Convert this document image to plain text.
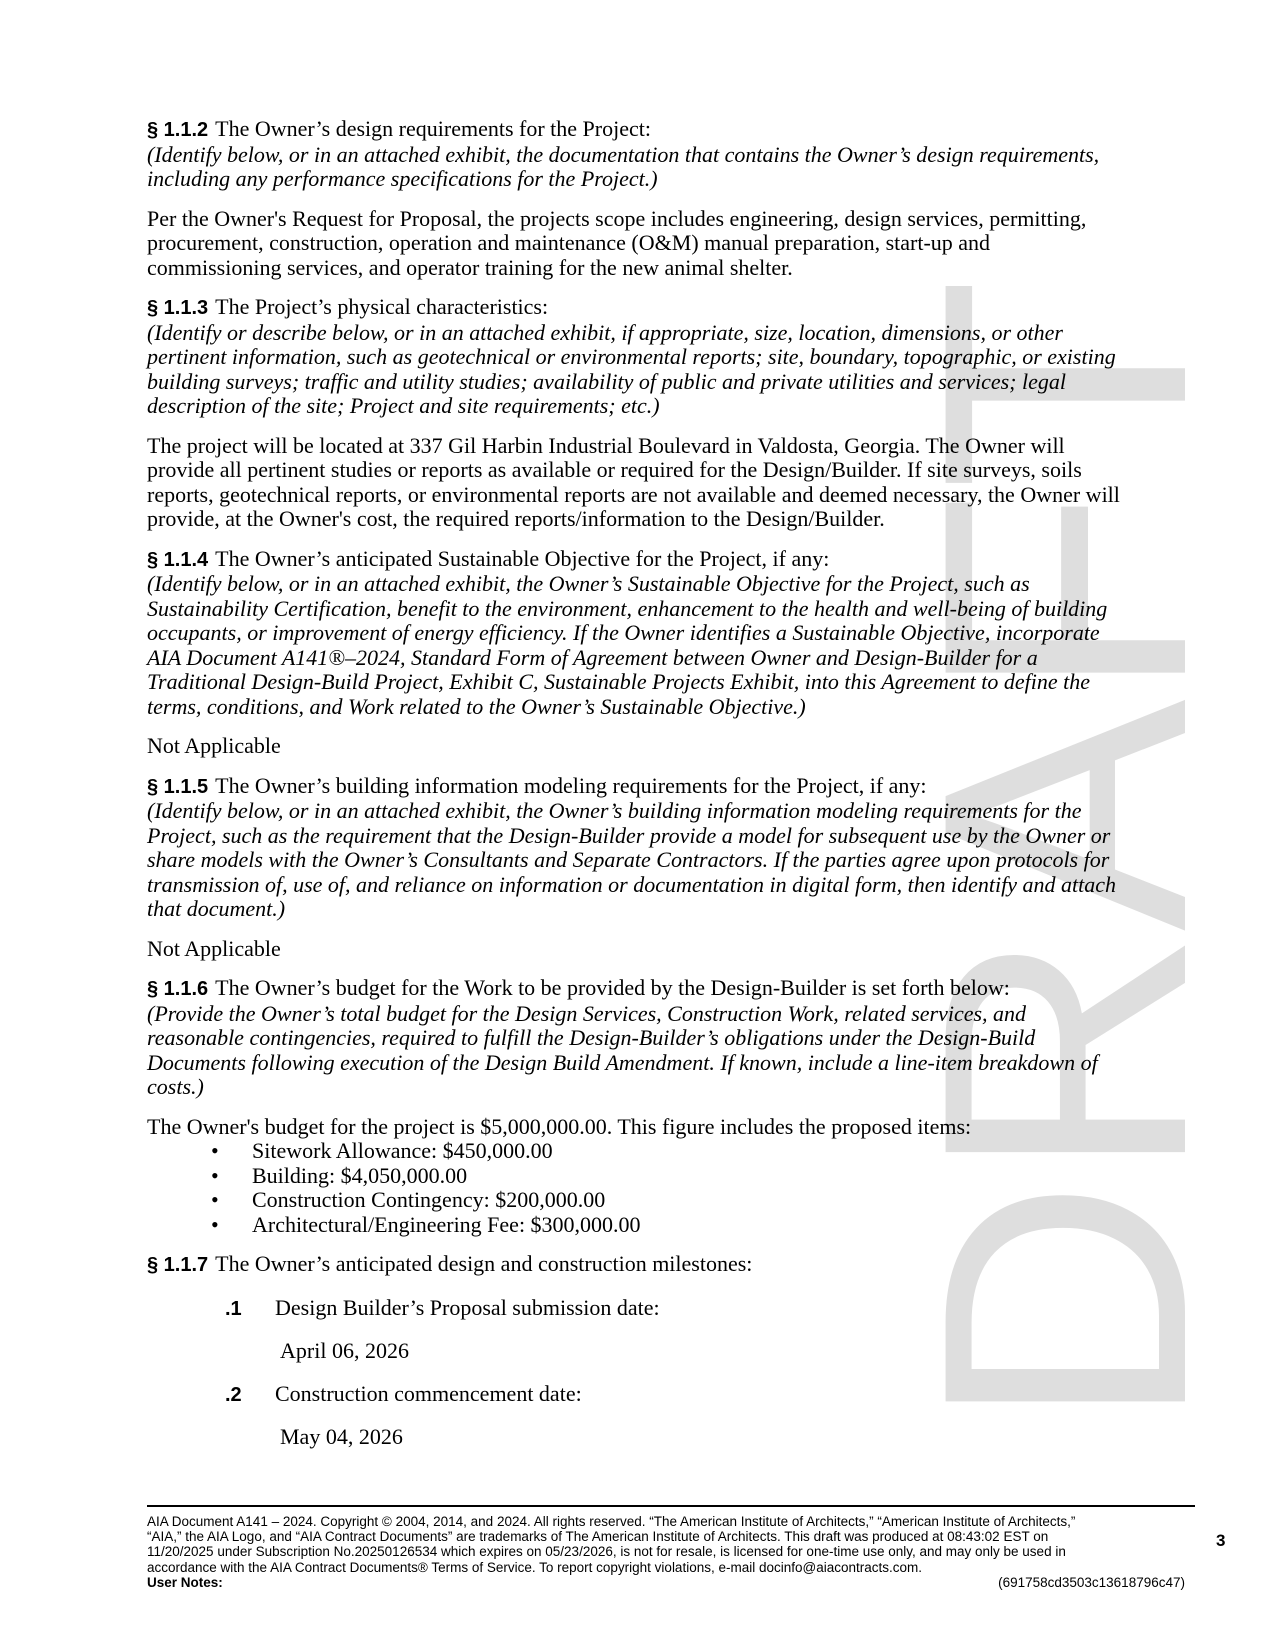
DRAFT

§ 1.1.2 The Owner’s design requirements for the Project:

(Identify below, or in an attached exhibit, the documentation that contains the Owner’s design requirements, including any performance specifications for the Project.)

Per the Owner's Request for Proposal, the projects scope includes engineering, design services, permitting, procurement, construction, operation and maintenance (O&M) manual preparation, start-up and commissioning services, and operator training for the new animal shelter.

§ 1.1.3 The Project’s physical characteristics:

(Identify or describe below, or in an attached exhibit, if appropriate, size, location, dimensions, or other pertinent information, such as geotechnical or environmental reports; site, boundary, topographic, or existing building surveys; traffic and utility studies; availability of public and private utilities and services; legal description of the site; Project and site requirements; etc.)

The project will be located at 337 Gil Harbin Industrial Boulevard in Valdosta, Georgia. The Owner will provide all pertinent studies or reports as available or required for the Design/Builder. If site surveys, soils reports, geotechnical reports, or environmental reports are not available and deemed necessary, the Owner will provide, at the Owner's cost, the required reports/information to the Design/Builder.

§ 1.1.4 The Owner’s anticipated Sustainable Objective for the Project, if any:

(Identify below, or in an attached exhibit, the Owner’s Sustainable Objective for the Project, such as Sustainability Certification, benefit to the environment, enhancement to the health and well-being of building occupants, or improvement of energy efficiency. If the Owner identifies a Sustainable Objective, incorporate AIA Document A141®–2024, Standard Form of Agreement between Owner and Design-Builder for a Traditional Design-Build Project, Exhibit C, Sustainable Projects Exhibit, into this Agreement to define the terms, conditions, and Work related to the Owner’s Sustainable Objective.)

Not Applicable

§ 1.1.5 The Owner’s building information modeling requirements for the Project, if any:

(Identify below, or in an attached exhibit, the Owner’s building information modeling requirements for the Project, such as the requirement that the Design-Builder provide a model for subsequent use by the Owner or share models with the Owner’s Consultants and Separate Contractors. If the parties agree upon protocols for transmission of, use of, and reliance on information or documentation in digital form, then identify and attach that document.)

Not Applicable

§ 1.1.6 The Owner’s budget for the Work to be provided by the Design-Builder is set forth below:

(Provide the Owner’s total budget for the Design Services, Construction Work, related services, and reasonable contingencies, required to fulfill the Design-Builder’s obligations under the Design-Build Documents following execution of the Design Build Amendment. If known, include a line-item breakdown of costs.)

The Owner's budget for the project is $5,000,000.00. This figure includes the proposed items:

• Sitework Allowance: $450,000.00
• Building: $4,050,000.00
• Construction Contingency: $200,000.00
• Architectural/Engineering Fee: $300,000.00

§ 1.1.7 The Owner’s anticipated design and construction milestones:

.1 Design Builder’s Proposal submission date:
April 06, 2026
.2 Construction commencement date:
May 04, 2026
AIA Document A141 – 2024. Copyright © 2004, 2014, and 2024. All rights reserved. “The American Institute of Architects,” “American Institute of Architects,”
“AIA,” the AIA Logo, and “AIA Contract Documents” are trademarks of The American Institute of Architects. This draft was produced at 08:43:02 EST on
11/20/2025 under Subscription No.20250126534 which expires on 05/23/2026, is not for resale, is licensed for one-time use only, and may only be used in
accordance with the AIA Contract Documents® Terms of Service. To report copyright violations, e-mail docinfo@aiacontracts.com.
User Notes:	(691758cd3503c13618796c47)
3
